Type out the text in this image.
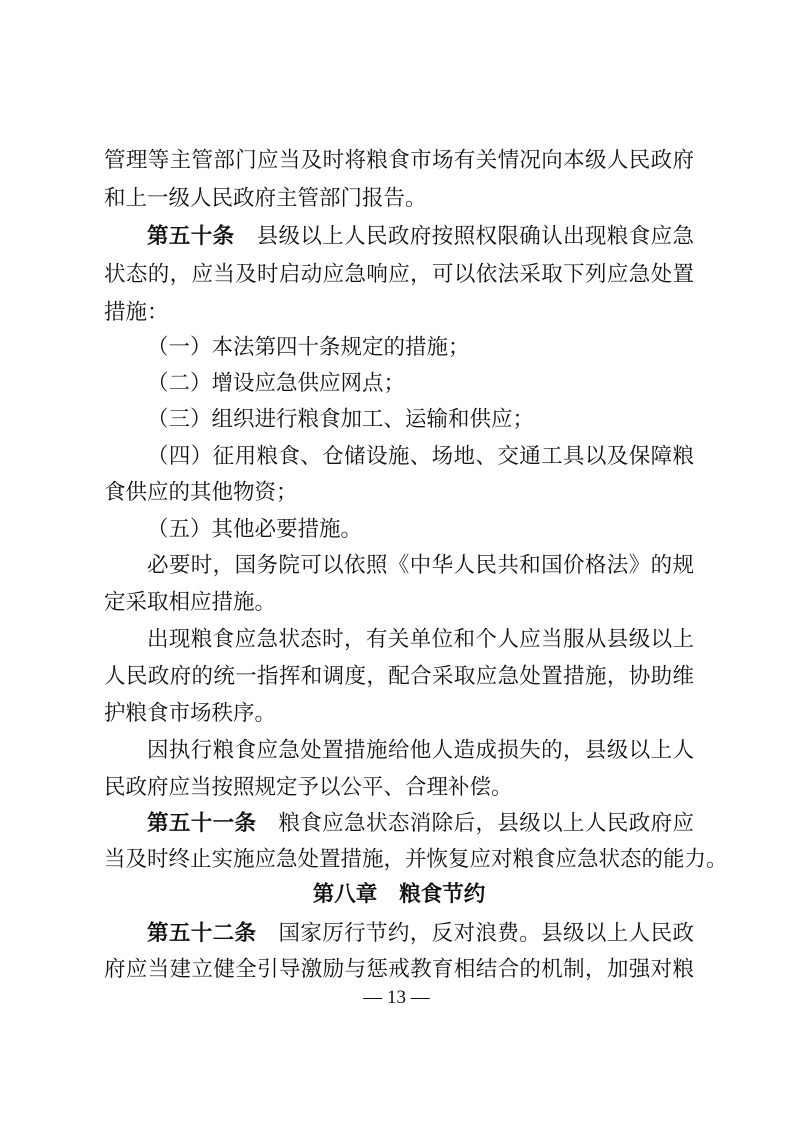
管理等主管部门应当及时将粮食市场有关情况向本级人民政府
和上一级人民政府主管部门报告。
第五十条 县级以上人民政府按照权限确认出现粮食应急
状态的，应当及时启动应急响应，可以依法采取下列应急处置
措施：
（一）本法第四十条规定的措施；
（二）增设应急供应网点；
（三）组织进行粮食加工、运输和供应；
（四）征用粮食、仓储设施、场地、交通工具以及保障粮
食供应的其他物资；
（五）其他必要措施。
必要时，国务院可以依照《中华人民共和国价格法》的规
定采取相应措施。
出现粮食应急状态时，有关单位和个人应当服从县级以上
人民政府的统一指挥和调度，配合采取应急处置措施，协助维
护粮食市场秩序。
因执行粮食应急处置措施给他人造成损失的，县级以上人
民政府应当按照规定予以公平、合理补偿。
第五十一条 粮食应急状态消除后，县级以上人民政府应
当及时终止实施应急处置措施，并恢复应对粮食应急状态的能力。
第八章 粮食节约
第五十二条 国家厉行节约，反对浪费。县级以上人民政
府应当建立健全引导激励与惩戒教育相结合的机制，加强对粮
— 13 —
